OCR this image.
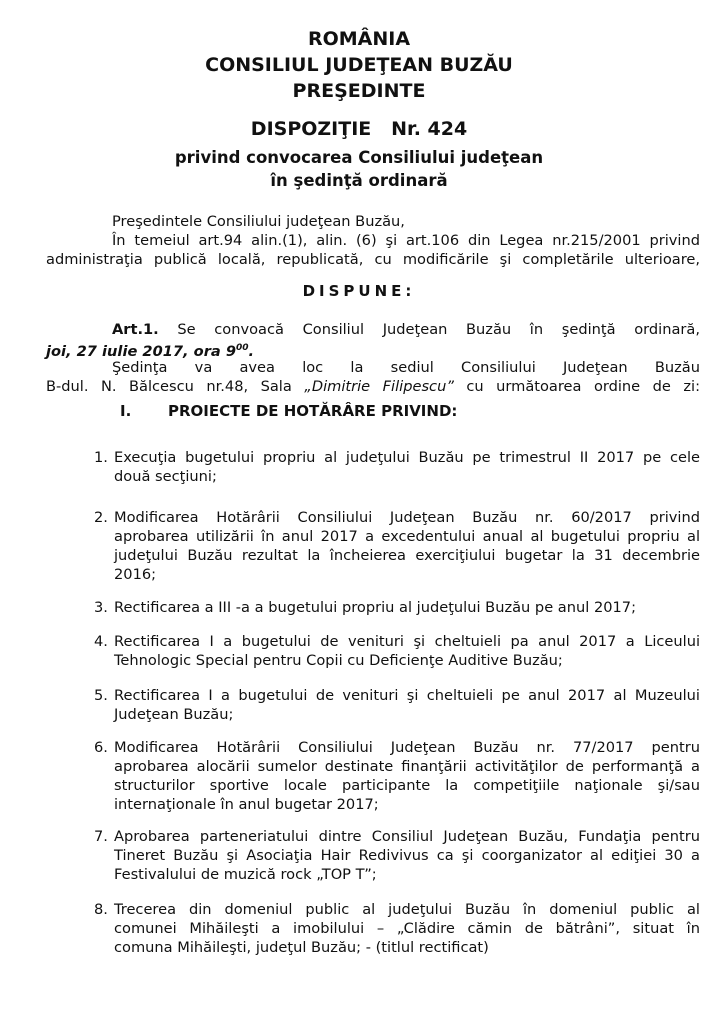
ROMÂNIA
CONSILIUL JUDEŢEAN BUZĂU
PREŞEDINTE
DISPOZIŢIE Nr. 424
privind convocarea Consiliului judeţean
în şedinţă ordinară
Preşedintele Consiliului judeţean Buzău,
În temeiul art.94 alin.(1), alin. (6) şi art.106 din Legea nr.215/2001 privind
administraţia publică locală, republicată, cu modificările şi completările ulterioare,
DISPUNE:
Art.1. Se convoacă Consiliul Judeţean Buzău în şedinţă ordinară,
joi, 27 iulie 2017, ora $9^{00}$.
Şedinţa va avea loc la sediul Consiliului Judeţean Buzău
B-dul. N. Bălcescu nr.48, Sala „Dimitrie Filipescu” cu următoarea ordine de zi:
I. PROIECTE DE HOTĂRÂRE PRIVIND:
1. Execuţia bugetului propriu al judeţului Buzău pe trimestrul II 2017 pe cele
două secţiuni;
2. Modificarea Hotărârii Consiliului Judeţean Buzău nr. 60/2017 privind
aprobarea utilizării în anul 2017 a excedentului anual al bugetului propriu al
judeţului Buzău rezultat la încheierea exerciţiului bugetar la 31 decembrie
2016;
3. Rectificarea a III -a a bugetului propriu al judeţului Buzău pe anul 2017;
4. Rectificarea I a bugetului de venituri şi cheltuieli pa anul 2017 a Liceului
Tehnologic Special pentru Copii cu Deficienţe Auditive Buzău;
5. Rectificarea I a bugetului de venituri şi cheltuieli pe anul 2017 al Muzeului
Judeţean Buzău;
6. Modificarea Hotărârii Consiliului Judeţean Buzău nr. 77/2017 pentru
aprobarea alocării sumelor destinate finanţării activităţilor de performanţă a
structurilor sportive locale participante la competiţiile naţionale şi/sau
internaţionale în anul bugetar 2017;
7. Aprobarea parteneriatului dintre Consiliul Judeţean Buzău, Fundaţia pentru
Tineret Buzău şi Asociaţia Hair Redivivus ca şi coorganizator al ediţiei 30 a
Festivalului de muzică rock „TOP T”;
8. Trecerea din domeniul public al judeţului Buzău în domeniul public al
comunei Mihăileşti a imobilului – „Clădire cămin de bătrâni”, situat în
comuna Mihăileşti, judeţul Buzău; - (titlul rectificat)
